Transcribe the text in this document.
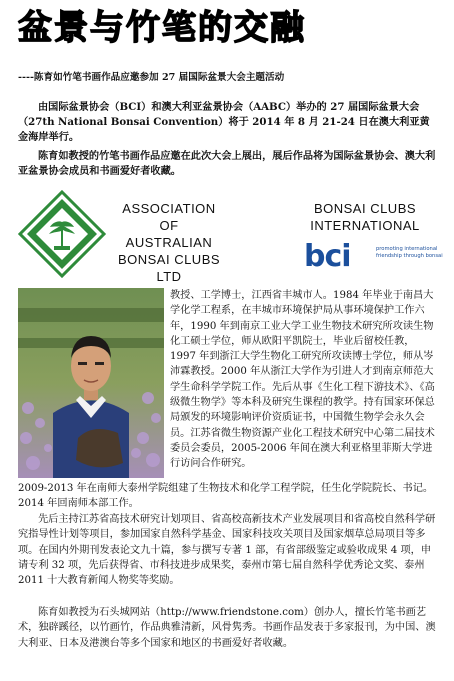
盆景与竹笔的交融
----陈育如竹笔书画作品应邀参加 27 届国际盆景大会主题活动

由国际盆景协会（BCI）和澳大利亚盆景协会（AABC）举办的 27 届国际盆景大会（27th National Bonsai Convention）将于 2014 年 8 月 21-24 日在澳大利亚黄金海岸举行。

陈育如教授的竹笔书画作品应邀在此次大会上展出，展后作品将为国际盆景协会、澳大利亚盆景协会成员和书画爱好者收藏。

ASSOCIATION
OF AUSTRALIAN
BONSAI CLUBS
LTD
BONSAI CLUBS
INTERNATIONAL
bci	promoting international friendship through bonsai

教授、工学博士，江西省丰城市人。1984 年毕业于南昌大学化学工程系，在丰城市环境保护局从事环境保护工作六年，1990 年到南京工业大学工业生物技术研究所攻读生物化工硕士学位，师从欧阳平凯院士，毕业后留校任教，1997 年到浙江大学生物化工研究所攻读博士学位，师从岑沛霖教授。2000 年从浙江大学作为引进人才到南京师范大学生命科学学院工作。先后从事《生化工程下游技术》、《高级微生物学》等本科及研究生课程的教学。持有国家环保总局颁发的环境影响评价资质证书，中国微生物学会永久会员。江苏省微生物资源产业化工程技术研究中心第二届技术委员会委员，2005-2006 年间在澳大利亚格里菲斯大学进行访问合作研究。

2009-2013 年在南师大泰州学院组建了生物技术和化学工程学院，任生化学院院长、书记。2014 年回南师本部工作。

先后主持江苏省高技术研究计划项目、省高校高新技术产业发展项目和省高校自然科学研究指导性计划等项目，参加国家自然科学基金、国家科技攻关项目及国家烟草总局项目等多项。在国内外期刊发表论文九十篇，参与撰写专著 1 部，有省部级鉴定或验收成果 4 项，申请专利 32 项，先后获得省、市科技进步成果奖，泰州市第七届自然科学优秀论文奖、泰州 2011 十大教育新闻人物奖等奖励。

陈育如教授为石头城网站（http://www.friendstone.com）创办人，擅长竹笔书画艺术，独辟蹊径，以竹画竹，作品典雅清新，风骨隽秀。书画作品发表于多家报刊，为中国、澳大利亚、日本及港澳台等多个国家和地区的书画爱好者收藏。
